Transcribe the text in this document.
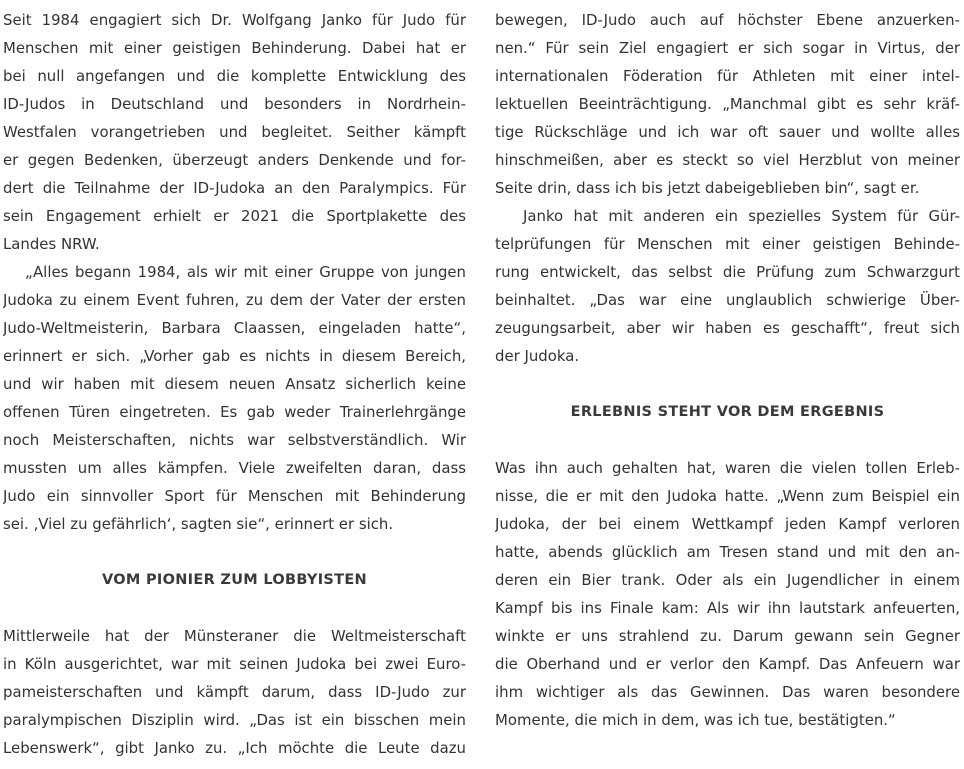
Seit 1984 engagiert sich Dr. Wolfgang Janko für Judo für
Menschen mit einer geistigen Behinderung. Dabei hat er
bei null angefangen und die komplette Entwicklung des
ID-Judos in Deutschland und besonders in Nordrhein-
Westfalen vorangetrieben und begleitet. Seither kämpft
er gegen Bedenken, überzeugt anders Denkende und for-
dert die Teilnahme der ID-Judoka an den Paralympics. Für
sein Engagement erhielt er 2021 die Sportplakette des
Landes NRW.
„Alles begann 1984, als wir mit einer Gruppe von jungen
Judoka zu einem Event fuhren, zu dem der Vater der ersten
Judo-Weltmeisterin, Barbara Claassen, eingeladen hatte“,
erinnert er sich. „Vorher gab es nichts in diesem Bereich,
und wir haben mit diesem neuen Ansatz sicherlich keine
offenen Türen eingetreten. Es gab weder Trainerlehrgänge
noch Meisterschaften, nichts war selbstverständlich. Wir
mussten um alles kämpfen. Viele zweifelten daran, dass
Judo ein sinnvoller Sport für Menschen mit Behinderung
sei. ‚Viel zu gefährlich‘, sagten sie“, erinnert er sich.
VOM PIONIER ZUM LOBBYISTEN
Mittlerweile hat der Münsteraner die Weltmeisterschaft
in Köln ausgerichtet, war mit seinen Judoka bei zwei Euro-
pameisterschaften und kämpft darum, dass ID-Judo zur
paralympischen Disziplin wird. „Das ist ein bisschen mein
Lebenswerk“, gibt Janko zu. „Ich möchte die Leute dazu
bewegen, ID-Judo auch auf höchster Ebene anzuerken-
nen.“ Für sein Ziel engagiert er sich sogar in Virtus, der
internationalen Föderation für Athleten mit einer intel-
lektuellen Beeinträchtigung. „Manchmal gibt es sehr kräf-
tige Rückschläge und ich war oft sauer und wollte alles
hinschmeißen, aber es steckt so viel Herzblut von meiner
Seite drin, dass ich bis jetzt dabeigeblieben bin“, sagt er.
Janko hat mit anderen ein spezielles System für Gür-
telprüfungen für Menschen mit einer geistigen Behinde-
rung entwickelt, das selbst die Prüfung zum Schwarzgurt
beinhaltet. „Das war eine unglaublich schwierige Über-
zeugungsarbeit, aber wir haben es geschafft“, freut sich
der Judoka.
ERLEBNIS STEHT VOR DEM ERGEBNIS
Was ihn auch gehalten hat, waren die vielen tollen Erleb-
nisse, die er mit den Judoka hatte. „Wenn zum Beispiel ein
Judoka, der bei einem Wettkampf jeden Kampf verloren
hatte, abends glücklich am Tresen stand und mit den an-
deren ein Bier trank. Oder als ein Jugendlicher in einem
Kampf bis ins Finale kam: Als wir ihn lautstark anfeuerten,
winkte er uns strahlend zu. Darum gewann sein Gegner
die Oberhand und er verlor den Kampf. Das Anfeuern war
ihm wichtiger als das Gewinnen. Das waren besondere
Momente, die mich in dem, was ich tue, bestätigten.“
